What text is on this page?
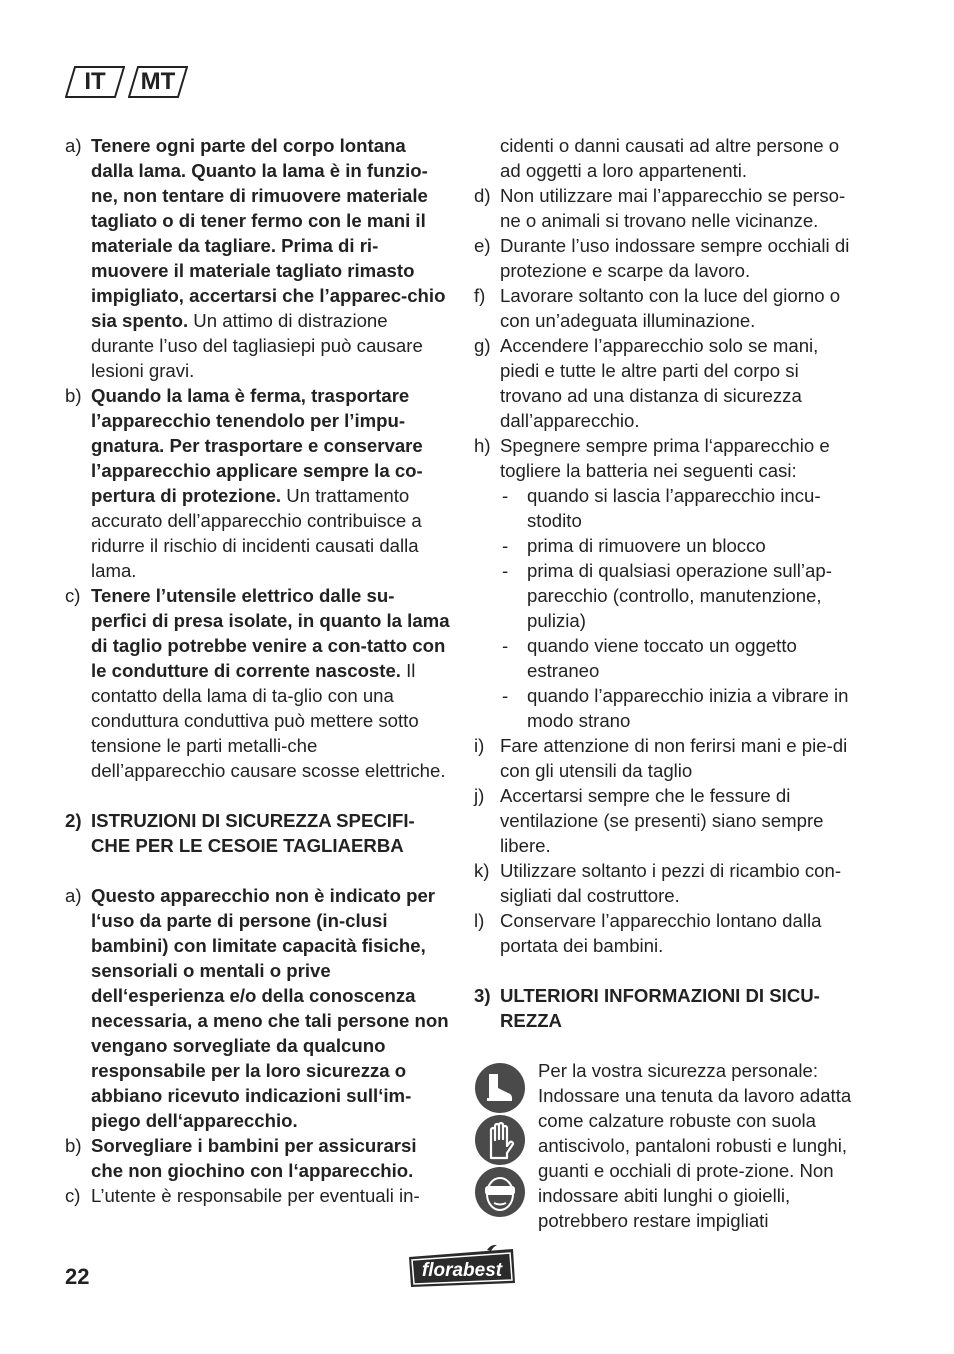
IT	MT
a) Tenere ogni parte del corpo lontana dalla lama. Quanto la lama è in funzio-ne, non tentare di rimuovere materiale tagliato o di tener fermo con le mani il materiale da tagliare. Prima di ri-muovere il materiale tagliato rimasto impigliato, accertarsi che l’apparec-chio sia spento. Un attimo di distrazione durante l’uso del tagliasiepi può causare lesioni gravi.
b) Quando la lama è ferma, trasportare l’apparecchio tenendolo per l’impu-gnatura. Per trasportare e conservare l’apparecchio applicare sempre la co-pertura di protezione. Un trattamento accurato dell’apparecchio contribuisce a ridurre il rischio di incidenti causati dalla lama.
c) Tenere l’utensile elettrico dalle su-perfici di presa isolate, in quanto la lama di taglio potrebbe venire a con-tatto con le condutture di corrente nascoste. Il contatto della lama di ta-glio con una conduttura conduttiva può mettere sotto tensione le parti metalli-che dell’apparecchio causare scosse elettriche.
2) ISTRUZIONI DI SICUREZZA SPECIFI-CHE PER LE CESOIE TAGLIAERBA
a) Questo apparecchio non è indicato per l‘uso da parte di persone (in-clusi bambini) con limitate capacità fisiche, sensoriali o mentali o prive dell‘esperienza e/o della conoscenza necessaria, a meno che tali persone non vengano sorvegliate da qualcuno responsabile per la loro sicurezza o abbiano ricevuto indicazioni sull‘im-piego dell‘apparecchio.
b) Sorvegliare i bambini per assicurarsi che non giochino con l‘apparecchio.
c) L’utente è responsabile per eventuali in-
cidenti o danni causati ad altre persone o ad oggetti a loro appartenenti.
d) Non utilizzare mai l’apparecchio se perso-ne o animali si trovano nelle vicinanze.
e) Durante l’uso indossare sempre occhiali di protezione e scarpe da lavoro.
f) Lavorare soltanto con la luce del giorno o con un’adeguata illuminazione.
g) Accendere l’apparecchio solo se mani, piedi e tutte le altre parti del corpo si trovano ad una distanza di sicurezza dall’apparecchio.
h) Spegnere sempre prima l‘apparecchio e togliere la batteria nei seguenti casi:
-	quando si lascia l’apparecchio incu-stodito
-	prima di rimuovere un blocco
-	prima di qualsiasi operazione sull’ap-parecchio (controllo, manutenzione, pulizia)
-	quando viene toccato un oggetto estraneo
-	quando l’apparecchio inizia a vibrare in modo strano
i) Fare attenzione di non ferirsi mani e pie-di con gli utensili da taglio
j) Accertarsi sempre che le fessure di ventilazione (se presenti) siano sempre libere.
k) Utilizzare soltanto i pezzi di ricambio con-sigliati dal costruttore.
l) Conservare l’apparecchio lontano dalla portata dei bambini.
3) ULTERIORI INFORMAZIONI DI SICU-REZZA
Per la vostra sicurezza personale: Indossare una tenuta da lavoro adatta come calzature robuste con suola antiscivolo, pantaloni robusti e lunghi, guanti e occhiali di prote-zione. Non indossare abiti lunghi o gioielli, potrebbero restare impigliati
22	florabest
